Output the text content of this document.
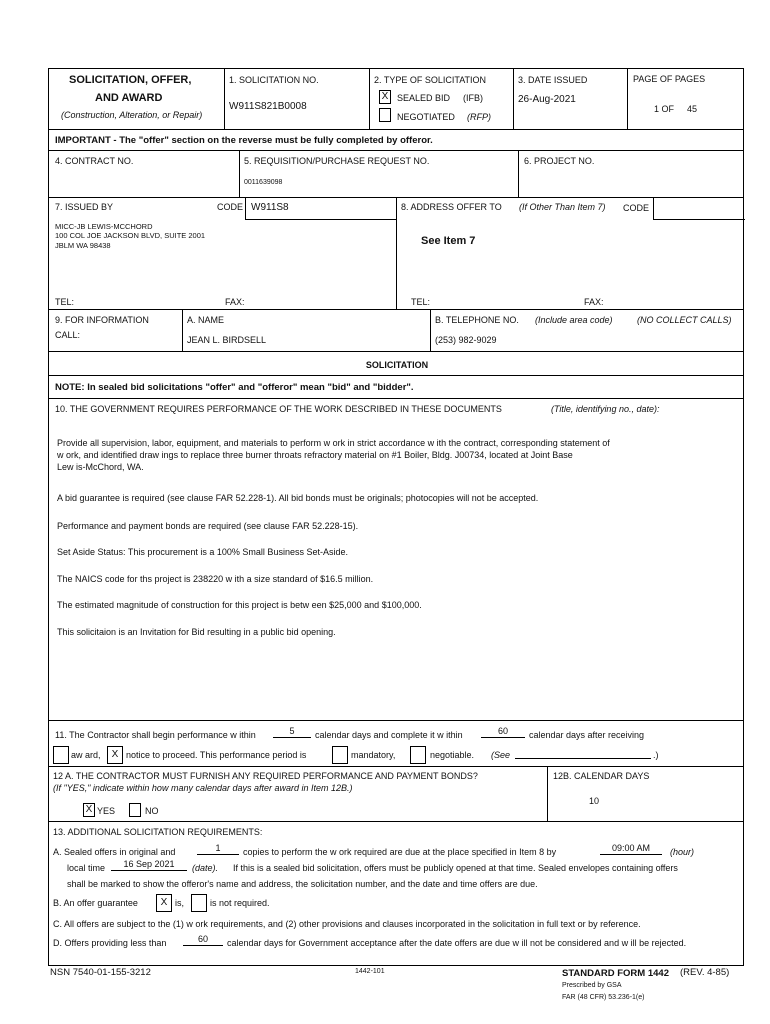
SOLICITATION, OFFER,
AND AWARD
(Construction, Alteration, or Repair)
1. SOLICITATION NO.
W911S821B0008
2. TYPE OF SOLICITATION
X SEALED BID (IFB)
NEGOTIATED (RFP)
3. DATE ISSUED
26-Aug-2021
PAGE OF PAGES
1 OF 45
IMPORTANT - The "offer" section on the reverse must be fully completed by offeror.
4. CONTRACT NO.	5. REQUISITION/PURCHASE REQUEST NO.
0011639098
6. PROJECT NO.
7. ISSUED BY	CODE W911S8	8. ADDRESS OFFER TO (If Other Than Item 7) CODE
MICC-JB LEWIS-MCCHORD
100 COL JOE JACKSON BLVD, SUITE 2001
JBLM WA 98438	See Item 7
TEL:	FAX:	TEL:	FAX:
9. FOR INFORMATION
CALL:
A. NAME
JEAN L. BIRDSELL
B. TELEPHONE NO. (Include area code)	(NO COLLECT CALLS)
(253) 982-9029
SOLICITATION
NOTE: In sealed bid solicitations "offer" and "offeror" mean "bid" and "bidder".
10. THE GOVERNMENT REQUIRES PERFORMANCE OF THE WORK DESCRIBED IN THESE DOCUMENTS	(Title, identifying no., date):
Provide all supervision, labor, equipment, and materials to perform w ork in strict accordance w ith the contract, corresponding statement of
w ork, and identified draw ings to replace three burner throats refractory material on #1 Boiler, Bldg. J00734, located at Joint Base
Lew is-McChord, WA.
A bid guarantee is required (see clause FAR 52.228-1). All bid bonds must be originals; photocopies will not be accepted.
Performance and payment bonds are required (see clause FAR 52.228-15).
Set Aside Status: This procurement is a 100% Small Business Set-Aside.
The NAICS code for ths project is 238220 w ith a size standard of $16.5 million.
The estimated magnitude of construction for this project is betw een $25,000 and $100,000.
This solicitaion is an Invitation for Bid resulting in a public bid opening.
11. The Contractor shall begin performance w ithin	5	calendar days and complete it w ithin	60	calendar days after receiving
aw ard,	X notice to proceed. This performance period is	mandatory,	negotiable. (See	.)
12 A. THE CONTRACTOR MUST FURNISH ANY REQUIRED PERFORMANCE AND PAYMENT BONDS?
(If "YES," indicate within how many calendar days after award in Item 12B.)
X YES	NO
12B. CALENDAR DAYS
10
13. ADDITIONAL SOLICITATION REQUIREMENTS:
A. Sealed offers in original and	1	copies to perform the w ork required are due at the place specified in Item 8 by	09:00 AM	(hour)
local time	16 Sep 2021	(date). If this is a sealed bid solicitation, offers must be publicly opened at that time. Sealed envelopes containing offers
shall be marked to show the offeror's name and address, the solicitation number, and the date and time offers are due.
B. An offer guarantee	X is,	is not required.
C. All offers are subject to the (1) w ork requirements, and (2) other provisions and clauses incorporated in the solicitation in full text or by reference.
D. Offers providing less than	60	calendar days for Government acceptance after the date offers are due w ill not be considered and w ill be rejected.
NSN 7540-01-155-3212	1442-101	STANDARD FORM 1442 (REV. 4-85)
Prescribed by GSA
FAR (48 CFR) 53.236-1(e)
